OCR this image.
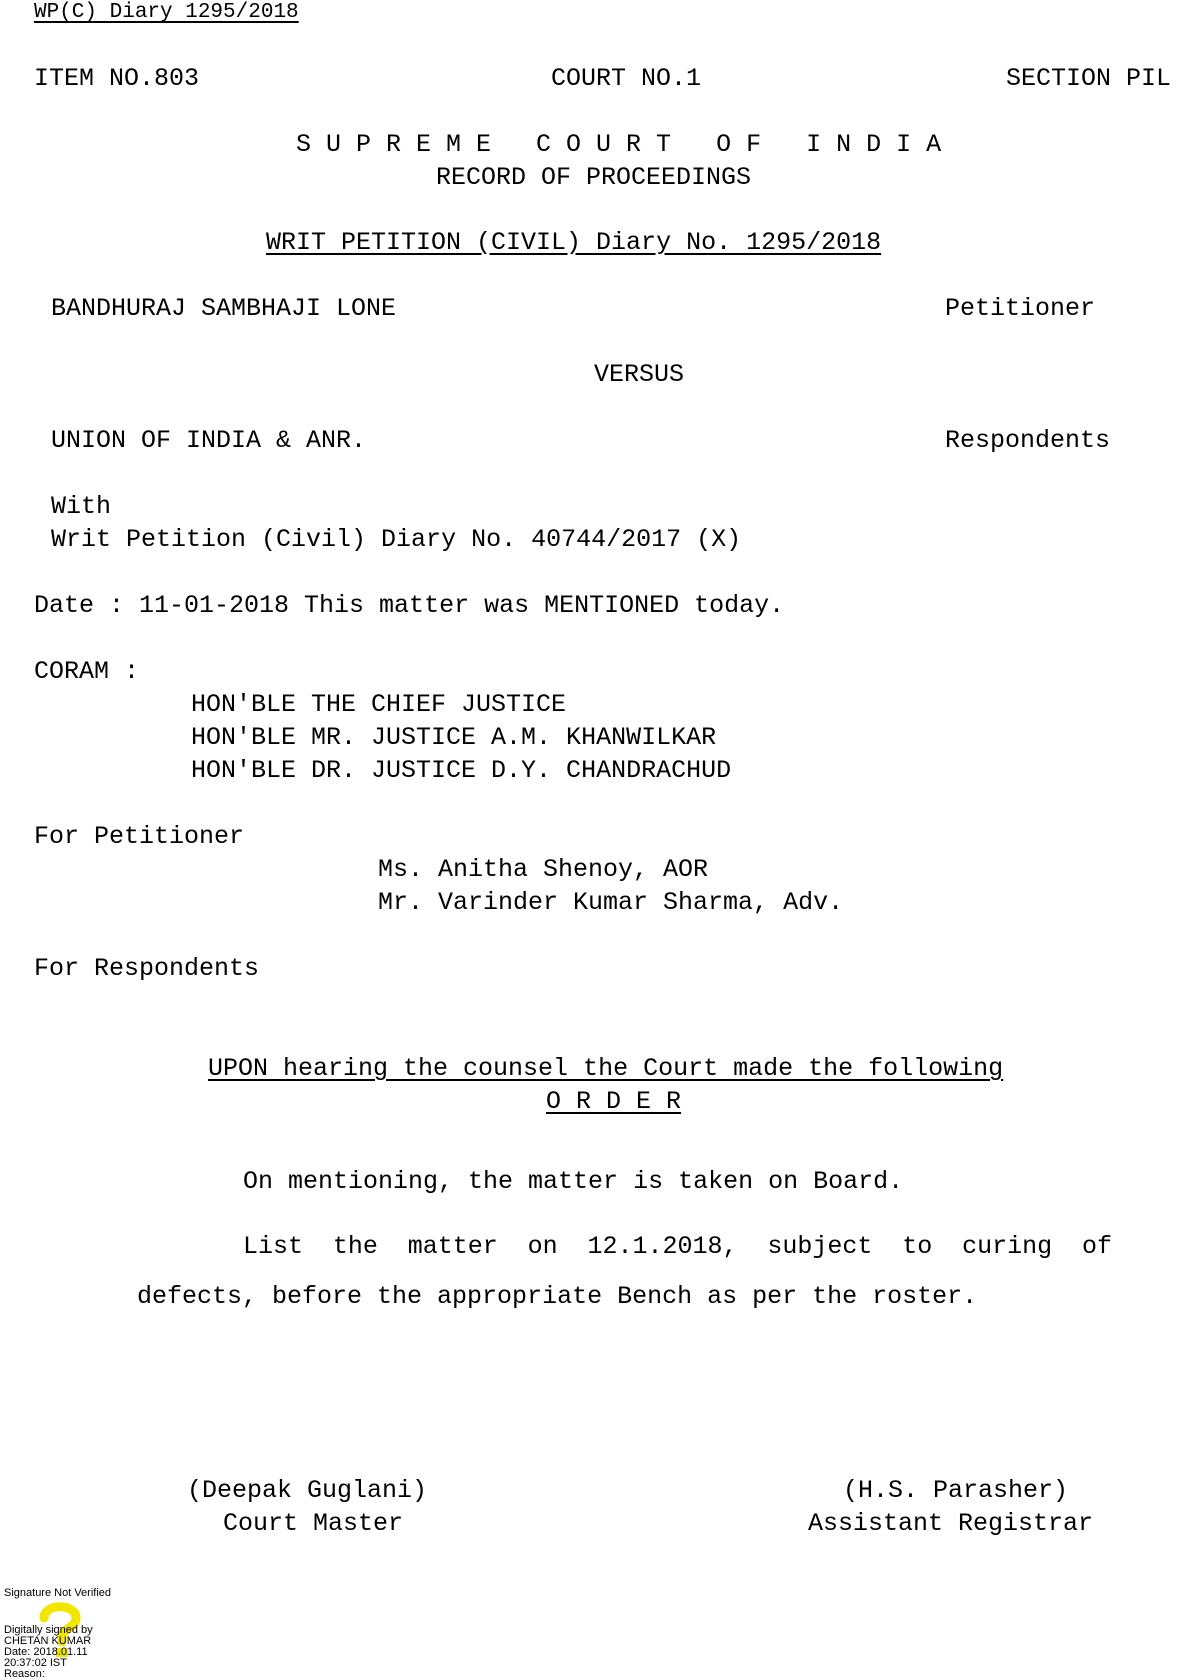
WP(C) Diary 1295/2018
ITEM NO.803	COURT NO.1	SECTION PIL
S U P R E M E   C O U R T   O F   I N D I A
RECORD OF PROCEEDINGS
WRIT PETITION (CIVIL) Diary No. 1295/2018
BANDHURAJ SAMBHAJI LONE	Petitioner
VERSUS
UNION OF INDIA & ANR.	Respondents
With
Writ Petition (Civil) Diary No. 40744/2017 (X)
Date : 11-01-2018 This matter was MENTIONED today.
CORAM :
HON'BLE THE CHIEF JUSTICE
HON'BLE MR. JUSTICE A.M. KHANWILKAR
HON'BLE DR. JUSTICE D.Y. CHANDRACHUD
For Petitioner
Ms. Anitha Shenoy, AOR
Mr. Varinder Kumar Sharma, Adv.
For Respondents
UPON hearing the counsel the Court made the following
O R D E R
On mentioning, the matter is taken on Board.
List the matter on 12.1.2018, subject to curing of defects, before the appropriate Bench as per the roster.
(Deepak Guglani)
Court Master
(H.S. Parasher)
Assistant Registrar
Signature Not Verified
Digitally signed by
CHETAN KUMAR
Date: 2018.01.11
20:37:02 IST
Reason:
